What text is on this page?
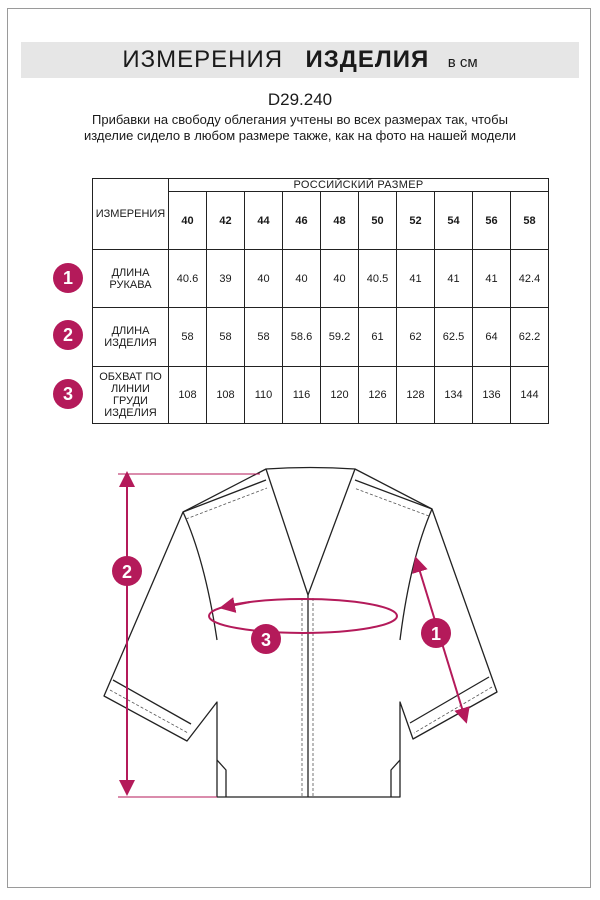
ИЗМЕРЕНИЯ ИЗДЕЛИЯ в см
D29.240
Прибавки на свободу облегания учтены во всех размерах так, чтобы изделие сидело в любом размере также, как на фото на нашей модели
ИЗМЕРЕНИЯ	РОССИЙСКИЙ РАЗМЕР									
	40	42	44	46	48	50	52	54	56	58
ДЛИНА РУКАВА	40.6	39	40	40	40	40.5	41	41	41	42.4
ДЛИНА ИЗДЕЛИЯ	58	58	58	58.6	59.2	61	62	62.5	64	62.2
ОБХВАТ ПО ЛИНИИ ГРУДИ ИЗДЕЛИЯ	108	108	110	116	120	126	128	134	136	144
1
2
3
2
3	1
